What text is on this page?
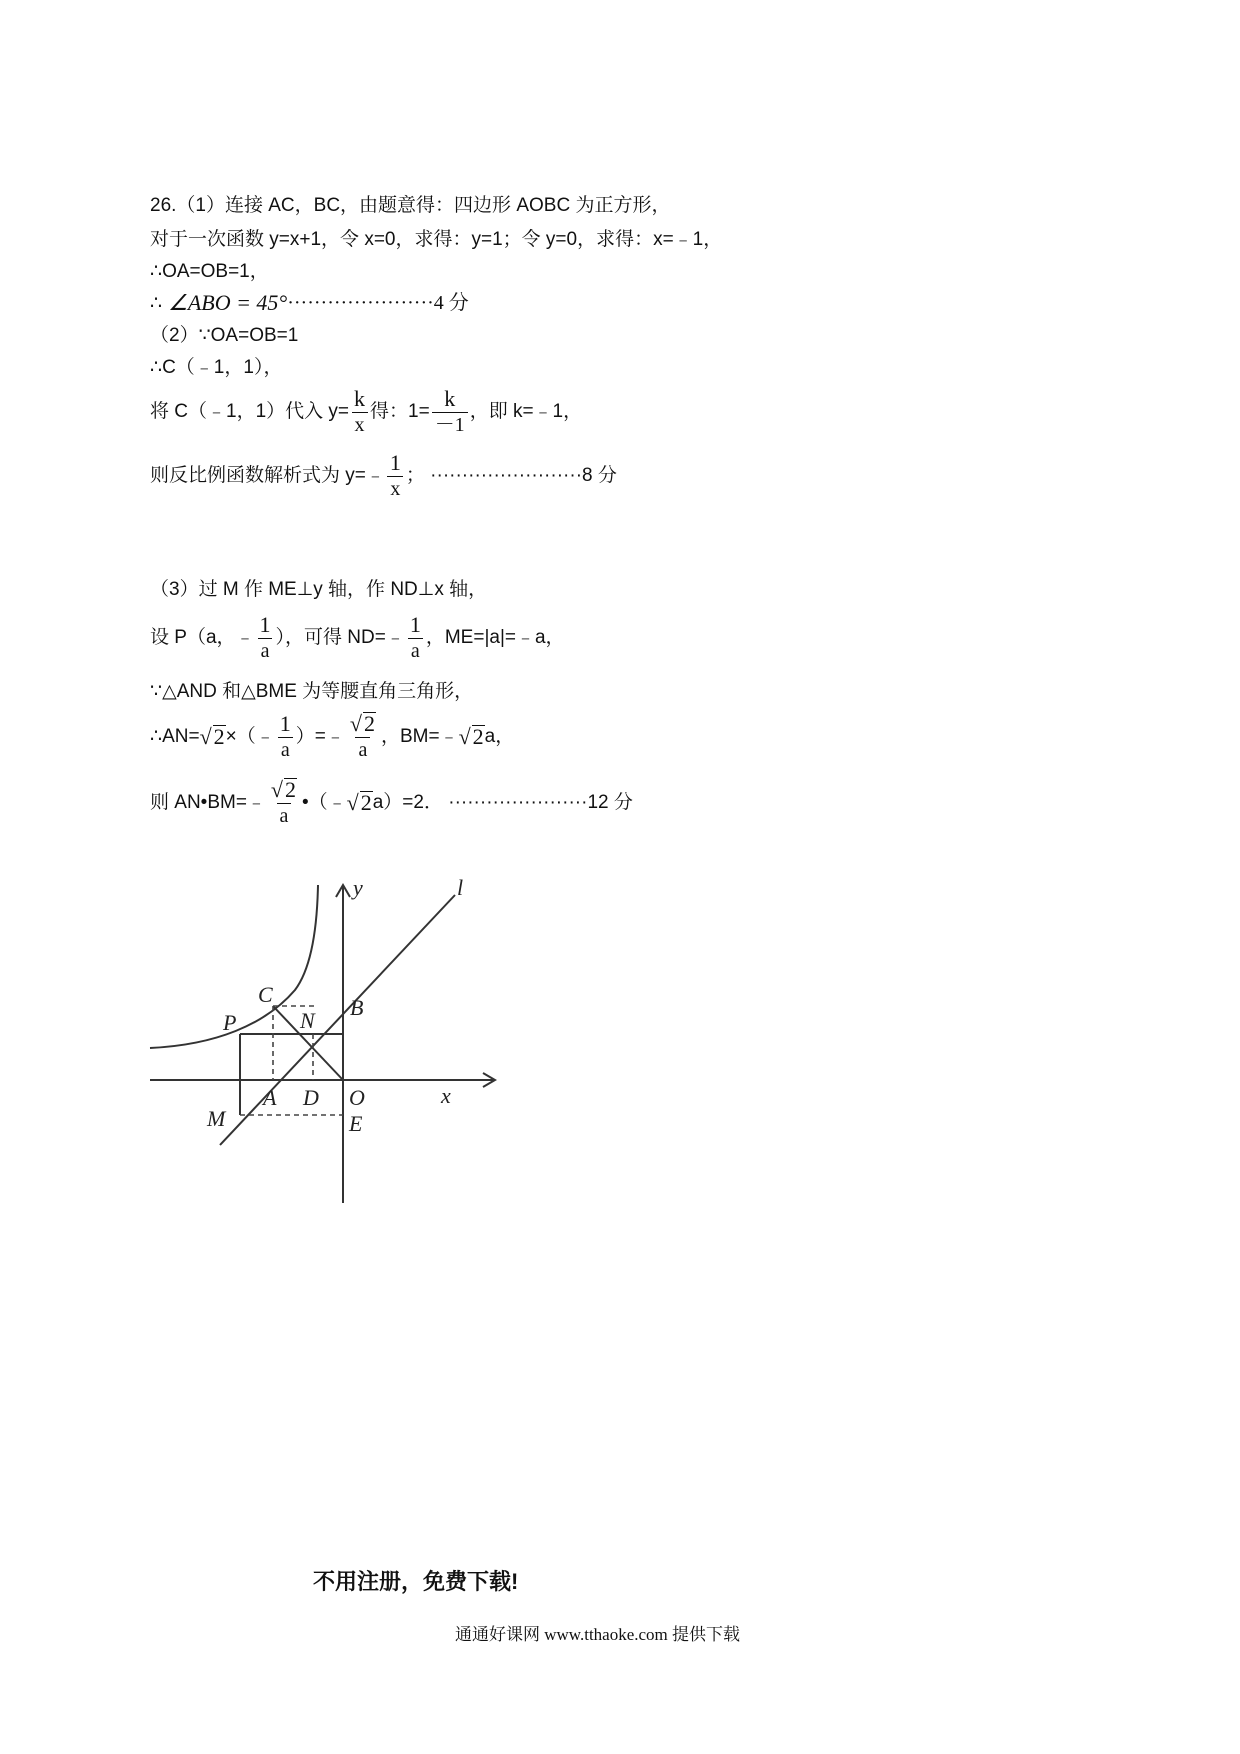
26.（1）连接 AC，BC，由题意得：四边形 AOBC 为正方形，
对于一次函数 y=x+1，令 x=0，求得：y=1；令 y=0，求得：x=﹣1，
∴OA=OB=1，
∴ ∠ABO = 45° ······················4 分
（2）∵OA=OB=1
∴C（﹣1，1），
将 C（﹣1，1）代入 $y= \frac{k}{x}$ 得：$1= \frac{k}{-1}$ ，即 k=﹣1，
则反比例函数解析式为 y=﹣ $\frac{1}{x}$ ； ························8 分
（3）过 M 作 ME⊥y 轴，作 ND⊥x 轴，
设 P（a，﹣ $\frac{1}{a}$ ），可得 ND=﹣ $\frac{1}{a}$ ，ME=|a|=﹣a，
∵△AND 和△BME 为等腰直角三角形，
∴AN= √ 2 ×（﹣ $\frac{1}{a}$ ）=﹣ $\frac{√ 2}{a}$ ，BM=﹣ √ 2 a，
则 AN•BM=﹣ $\frac{√ 2}{a}$ •（﹣ √ 2 a）=2． ······················12 分
y	l
x
C
N
B
P
A D O
E
M
不用注册，免费下载!
通通好课网 www.tthaoke.com 提供下载
